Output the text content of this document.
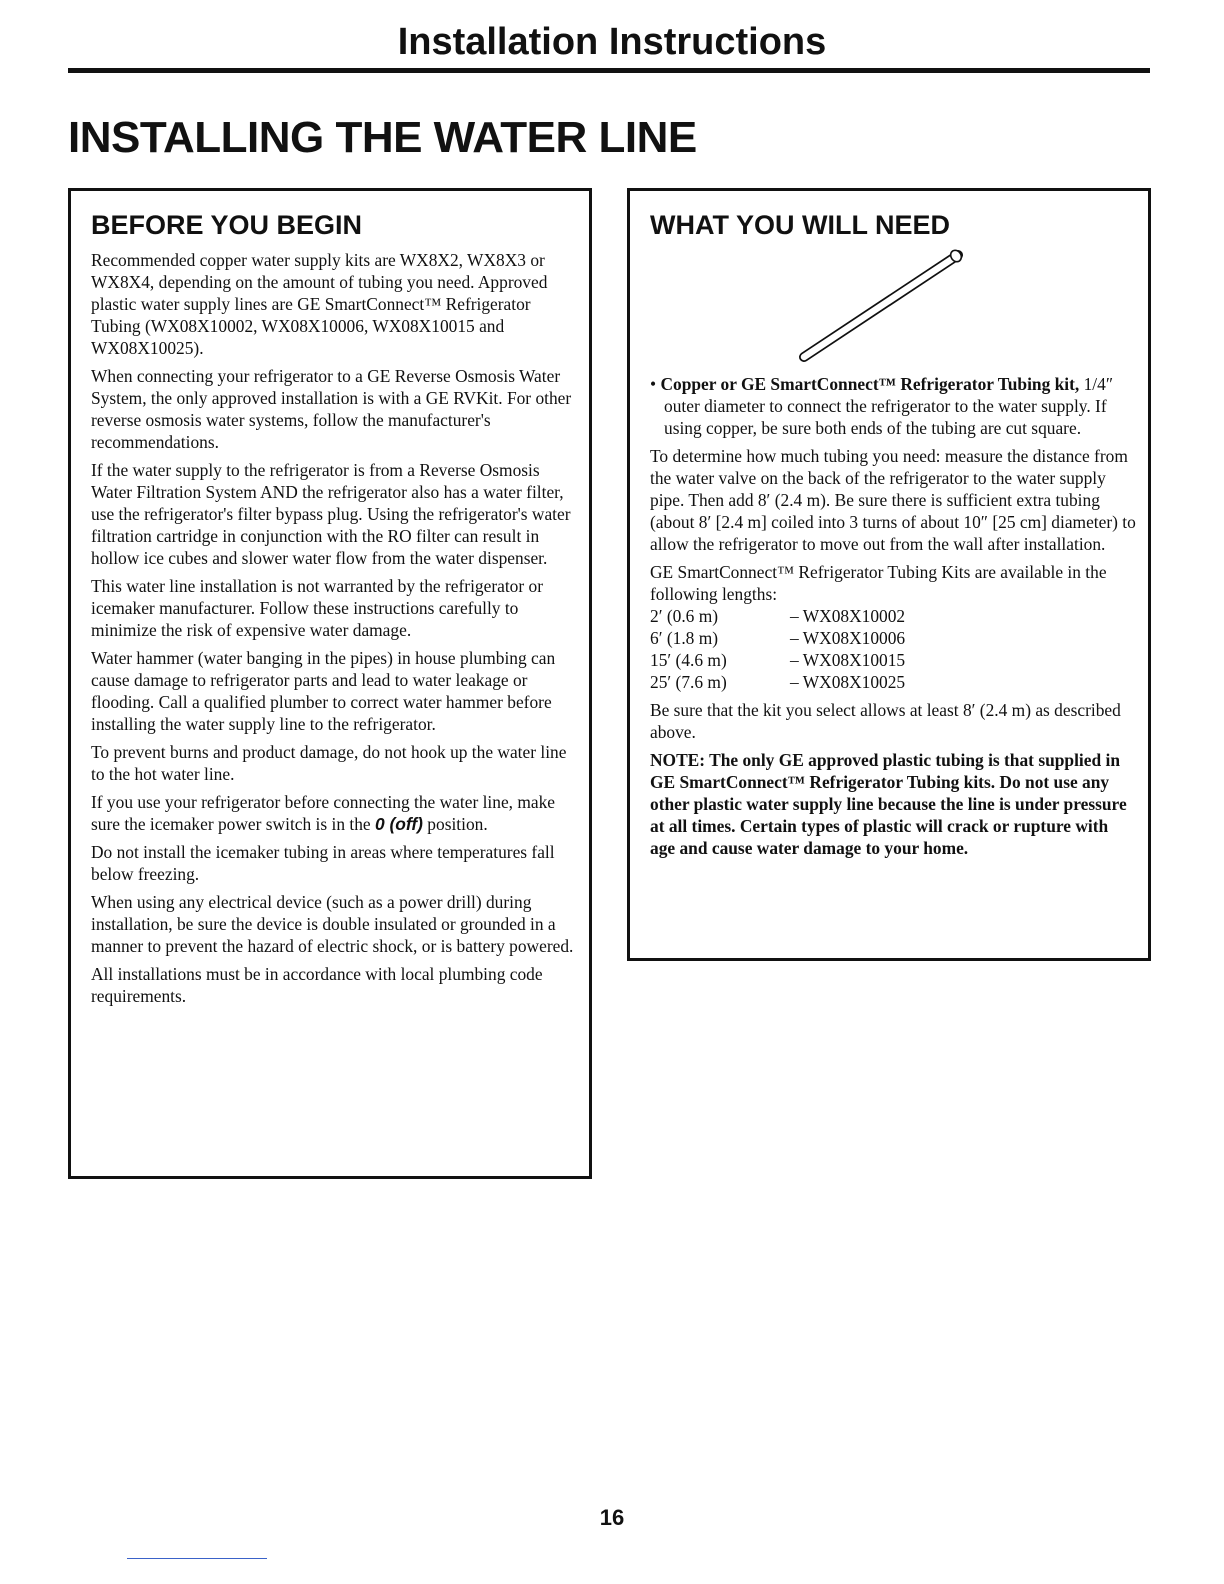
Installation Instructions
INSTALLING THE WATER LINE
BEFORE YOU BEGIN

Recommended copper water supply kits are WX8X2, WX8X3 or WX8X4, depending on the amount of tubing you need. Approved plastic water supply lines are GE SmartConnect™ Refrigerator Tubing (WX08X10002, WX08X10006, WX08X10015 and WX08X10025).

When connecting your refrigerator to a GE Reverse Osmosis Water System, the only approved installation is with a GE RVKit. For other reverse osmosis water systems, follow the manufacturer's recommendations.

If the water supply to the refrigerator is from a Reverse Osmosis Water Filtration System AND the refrigerator also has a water filter, use the refrigerator's filter bypass plug. Using the refrigerator's water filtration cartridge in conjunction with the RO filter can result in hollow ice cubes and slower water flow from the water dispenser.

This water line installation is not warranted by the refrigerator or icemaker manufacturer. Follow these instructions carefully to minimize the risk of expensive water damage.

Water hammer (water banging in the pipes) in house plumbing can cause damage to refrigerator parts and lead to water leakage or flooding. Call a qualified plumber to correct water hammer before installing the water supply line to the refrigerator.

To prevent burns and product damage, do not hook up the water line to the hot water line.

If you use your refrigerator before connecting the water line, make sure the icemaker power switch is in the 0 (off) position.

Do not install the icemaker tubing in areas where temperatures fall below freezing.

When using any electrical device (such as a power drill) during installation, be sure the device is double insulated or grounded in a manner to prevent the hazard of electric shock, or is battery powered.

All installations must be in accordance with local plumbing code requirements.

WHAT YOU WILL NEED

• Copper or GE SmartConnect™ Refrigerator Tubing kit, 1/4″ outer diameter to connect the refrigerator to the water supply. If using copper, be sure both ends of the tubing are cut square.

To determine how much tubing you need: measure the distance from the water valve on the back of the refrigerator to the water supply pipe. Then add 8′ (2.4 m). Be sure there is sufficient extra tubing (about 8′ [2.4 m] coiled into 3 turns of about 10″ [25 cm] diameter) to allow the refrigerator to move out from the wall after installation.

GE SmartConnect™ Refrigerator Tubing Kits are available in the following lengths:

2′ (0.6 m)	– WX08X10002
6′ (1.8 m)	– WX08X10006
15′ (4.6 m)	– WX08X10015
25′ (7.6 m)	– WX08X10025

Be sure that the kit you select allows at least 8′ (2.4 m) as described above.

NOTE: The only GE approved plastic tubing is that supplied in GE SmartConnect™ Refrigerator Tubing kits. Do not use any other plastic water supply line because the line is under pressure at all times. Certain types of plastic will crack or rupture with age and cause water damage to your home.

16
